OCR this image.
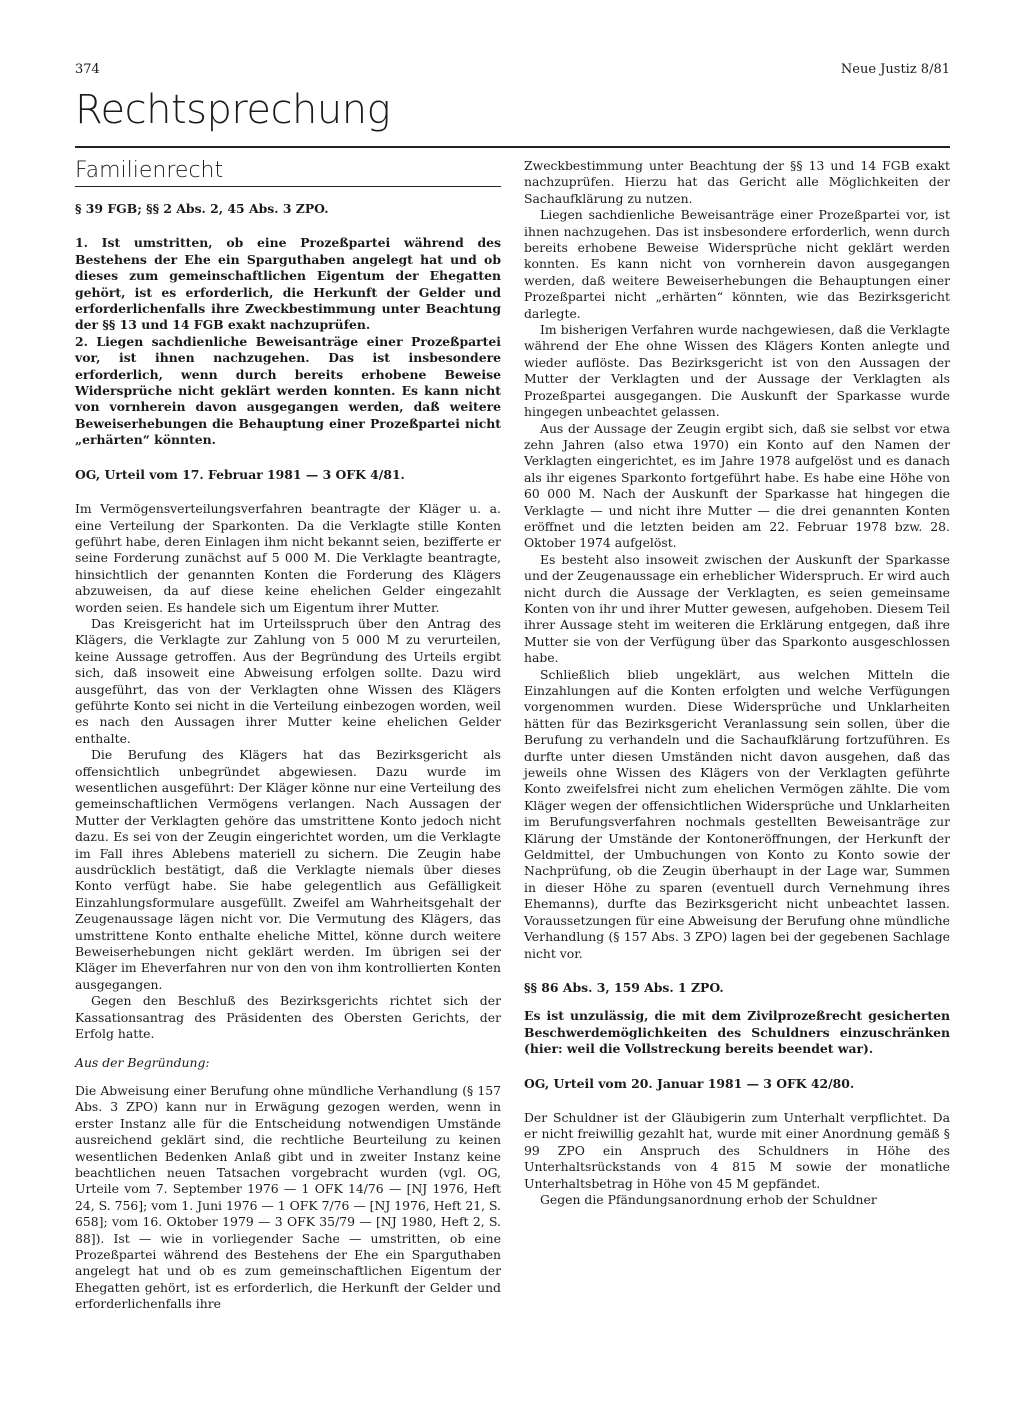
374	Neue Justiz 8/81
Rechtsprechung
Familienrecht

§ 39 FGB; §§ 2 Abs. 2, 45 Abs. 3 ZPO.

1. Ist umstritten, ob eine Prozeßpartei während des Bestehens der Ehe ein Sparguthaben angelegt hat und ob dieses zum gemeinschaftlichen Eigentum der Ehegatten gehört, ist es erforderlich, die Herkunft der Gelder und erforderlichenfalls ihre Zweckbestimmung unter Beachtung der §§ 13 und 14 FGB exakt nachzuprüfen.

2. Liegen sachdienliche Beweisanträge einer Prozeßpartei vor, ist ihnen nachzugehen. Das ist insbesondere erforderlich, wenn durch bereits erhobene Beweise Widersprüche nicht geklärt werden konnten. Es kann nicht von vornherein davon ausgegangen werden, daß weitere Beweiserhebungen die Behauptung einer Prozeßpartei nicht „erhärten“ könnten.

OG, Urteil vom 17. Februar 1981 — 3 OFK 4/81.

Im Vermögensverteilungsverfahren beantragte der Kläger u. a. eine Verteilung der Sparkonten. Da die Verklagte stille Konten geführt habe, deren Einlagen ihm nicht bekannt seien, bezifferte er seine Forderung zunächst auf 5 000 M. Die Verklagte beantragte, hinsichtlich der genannten Konten die Forderung des Klägers abzuweisen, da auf diese keine ehelichen Gelder eingezahlt worden seien. Es handele sich um Eigentum ihrer Mutter.

Das Kreisgericht hat im Urteilsspruch über den Antrag des Klägers, die Verklagte zur Zahlung von 5 000 M zu verurteilen, keine Aussage getroffen. Aus der Begründung des Urteils ergibt sich, daß insoweit eine Abweisung erfolgen sollte. Dazu wird ausgeführt, das von der Verklagten ohne Wissen des Klägers geführte Konto sei nicht in die Verteilung einbezogen worden, weil es nach den Aussagen ihrer Mutter keine ehelichen Gelder enthalte.

Die Berufung des Klägers hat das Bezirksgericht als offensichtlich unbegründet abgewiesen. Dazu wurde im wesentlichen ausgeführt: Der Kläger könne nur eine Verteilung des gemeinschaftlichen Vermögens verlangen. Nach Aussagen der Mutter der Verklagten gehöre das umstrittene Konto jedoch nicht dazu. Es sei von der Zeugin eingerichtet worden, um die Verklagte im Fall ihres Ablebens materiell zu sichern. Die Zeugin habe ausdrücklich bestätigt, daß die Verklagte niemals über dieses Konto verfügt habe. Sie habe gelegentlich aus Gefälligkeit Einzahlungsformulare ausgefüllt. Zweifel am Wahrheitsgehalt der Zeugenaussage lägen nicht vor. Die Vermutung des Klägers, das umstrittene Konto enthalte eheliche Mittel, könne durch weitere Beweiserhebungen nicht geklärt werden. Im übrigen sei der Kläger im Eheverfahren nur von den von ihm kontrollierten Konten ausgegangen.

Gegen den Beschluß des Bezirksgerichts richtet sich der Kassationsantrag des Präsidenten des Obersten Gerichts, der Erfolg hatte.

Aus der Begründung:

Die Abweisung einer Berufung ohne mündliche Verhandlung (§ 157 Abs. 3 ZPO) kann nur in Erwägung gezogen werden, wenn in erster Instanz alle für die Entscheidung notwendigen Umstände ausreichend geklärt sind, die rechtliche Beurteilung zu keinen wesentlichen Bedenken Anlaß gibt und in zweiter Instanz keine beachtlichen neuen Tatsachen vorgebracht wurden (vgl. OG, Urteile vom 7. September 1976 — 1 OFK 14/76 — [NJ 1976, Heft 24, S. 756]; vom 1. Juni 1976 — 1 OFK 7/76 — [NJ 1976, Heft 21, S. 658]; vom 16. Oktober 1979 — 3 OFK 35/79 — [NJ 1980, Heft 2, S. 88]). Ist — wie in vorliegender Sache — umstritten, ob eine Prozeßpartei während des Bestehens der Ehe ein Sparguthaben angelegt hat und ob es zum gemeinschaftlichen Eigentum der Ehegatten gehört, ist es erforderlich, die Herkunft der Gelder und erforderlichenfalls ihre

Zweckbestimmung unter Beachtung der §§ 13 und 14 FGB exakt nachzuprüfen. Hierzu hat das Gericht alle Möglichkeiten der Sachaufklärung zu nutzen.

Liegen sachdienliche Beweisanträge einer Prozeßpartei vor, ist ihnen nachzugehen. Das ist insbesondere erforderlich, wenn durch bereits erhobene Beweise Widersprüche nicht geklärt werden konnten. Es kann nicht von vornherein davon ausgegangen werden, daß weitere Beweiserhebungen die Behauptungen einer Prozeßpartei nicht „erhärten“ könnten, wie das Bezirksgericht darlegte.

Im bisherigen Verfahren wurde nachgewiesen, daß die Verklagte während der Ehe ohne Wissen des Klägers Konten anlegte und wieder auflöste. Das Bezirksgericht ist von den Aussagen der Mutter der Verklagten und der Aussage der Verklagten als Prozeßpartei ausgegangen. Die Auskunft der Sparkasse wurde hingegen unbeachtet gelassen.

Aus der Aussage der Zeugin ergibt sich, daß sie selbst vor etwa zehn Jahren (also etwa 1970) ein Konto auf den Namen der Verklagten eingerichtet, es im Jahre 1978 aufgelöst und es danach als ihr eigenes Sparkonto fortgeführt habe. Es habe eine Höhe von 60 000 M. Nach der Auskunft der Sparkasse hat hingegen die Verklagte — und nicht ihre Mutter — die drei genannten Konten eröffnet und die letzten beiden am 22. Februar 1978 bzw. 28. Oktober 1974 aufgelöst.

Es besteht also insoweit zwischen der Auskunft der Sparkasse und der Zeugenaussage ein erheblicher Widerspruch. Er wird auch nicht durch die Aussage der Verklagten, es seien gemeinsame Konten von ihr und ihrer Mutter gewesen, aufgehoben. Diesem Teil ihrer Aussage steht im weiteren die Erklärung entgegen, daß ihre Mutter sie von der Verfügung über das Sparkonto ausgeschlossen habe.

Schließlich blieb ungeklärt, aus welchen Mitteln die Einzahlungen auf die Konten erfolgten und welche Verfügungen vorgenommen wurden. Diese Widersprüche und Unklarheiten hätten für das Bezirksgericht Veranlassung sein sollen, über die Berufung zu verhandeln und die Sachaufklärung fortzuführen. Es durfte unter diesen Umständen nicht davon ausgehen, daß das jeweils ohne Wissen des Klägers von der Verklagten geführte Konto zweifelsfrei nicht zum ehelichen Vermögen zählte. Die vom Kläger wegen der offensichtlichen Widersprüche und Unklarheiten im Berufungsverfahren nochmals gestellten Beweisanträge zur Klärung der Umstände der Kontoneröffnungen, der Herkunft der Geldmittel, der Umbuchungen von Konto zu Konto sowie der Nachprüfung, ob die Zeugin überhaupt in der Lage war, Summen in dieser Höhe zu sparen (eventuell durch Vernehmung ihres Ehemanns), durfte das Bezirksgericht nicht unbeachtet lassen. Voraussetzungen für eine Abweisung der Berufung ohne mündliche Verhandlung (§ 157 Abs. 3 ZPO) lagen bei der gegebenen Sachlage nicht vor.

§§ 86 Abs. 3, 159 Abs. 1 ZPO.

Es ist unzulässig, die mit dem Zivilprozeßrecht gesicherten Beschwerdemöglichkeiten des Schuldners einzuschränken (hier: weil die Vollstreckung bereits beendet war).

OG, Urteil vom 20. Januar 1981 — 3 OFK 42/80.

Der Schuldner ist der Gläubigerin zum Unterhalt verpflichtet. Da er nicht freiwillig gezahlt hat, wurde mit einer Anordnung gemäß § 99 ZPO ein Anspruch des Schuldners in Höhe des Unterhaltsrückstands von 4 815 M sowie der monatliche Unterhaltsbetrag in Höhe von 45 M gepfändet.

Gegen die Pfändungsanordnung erhob der Schuldner
